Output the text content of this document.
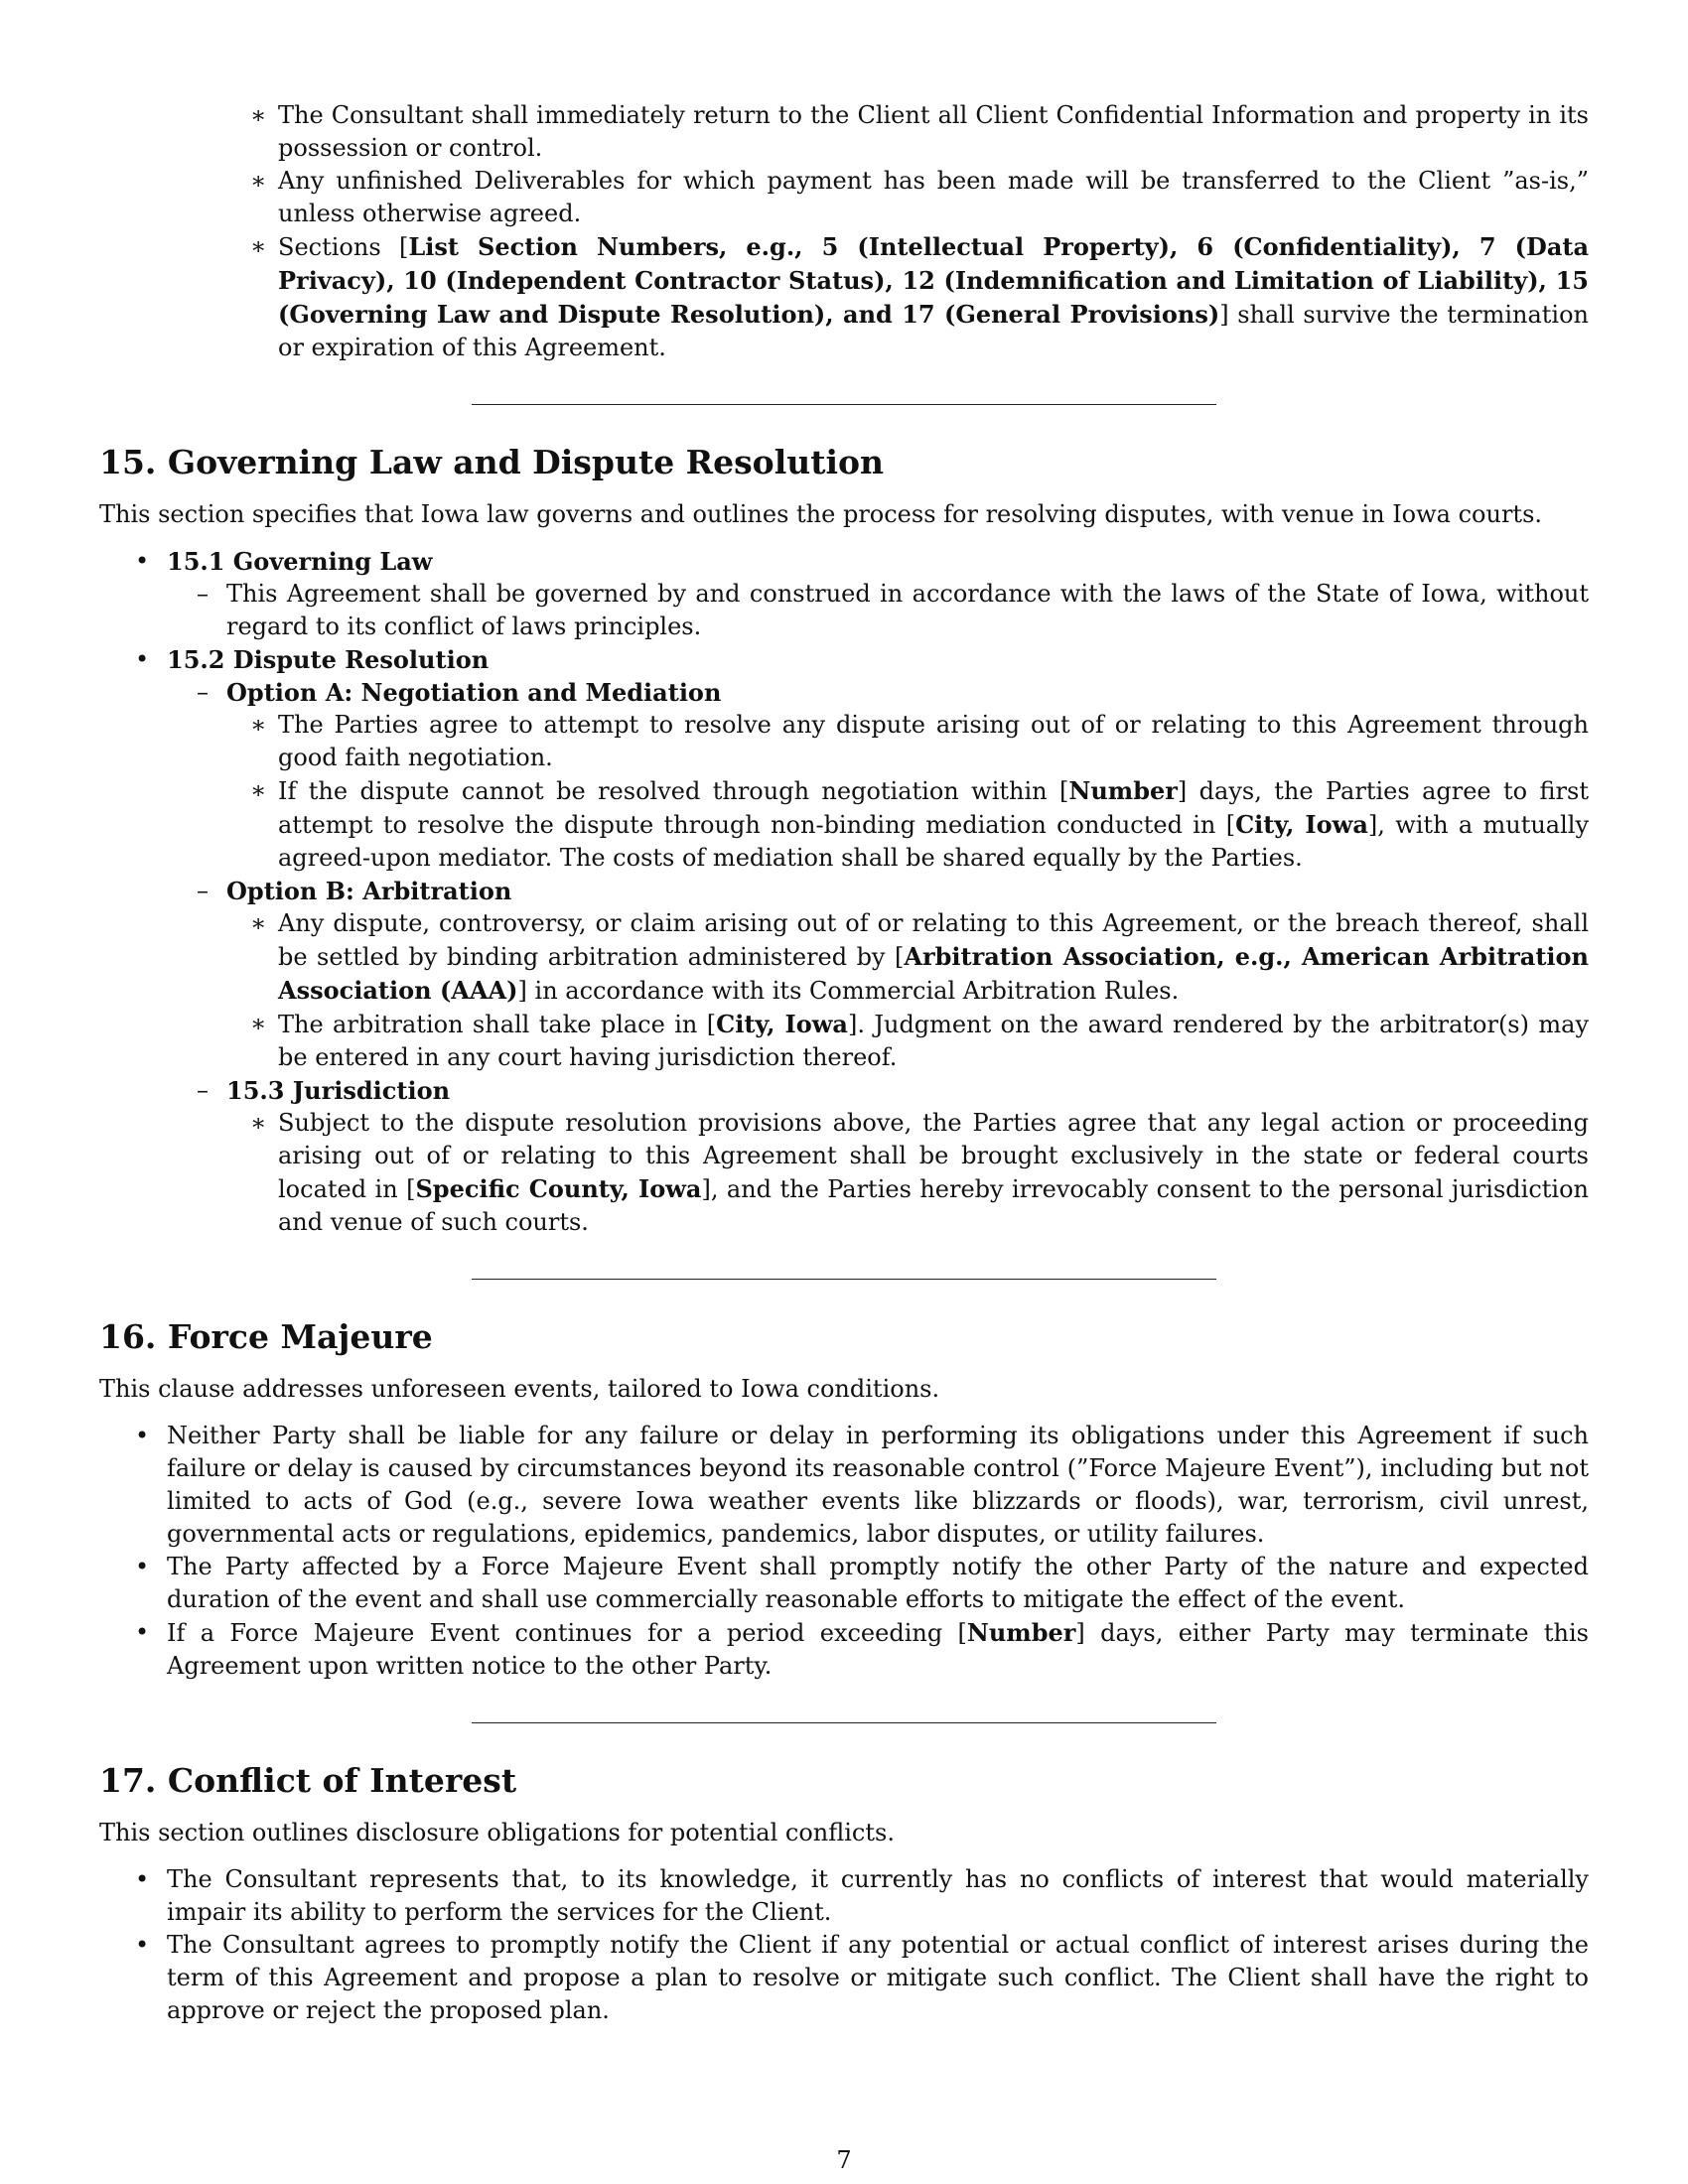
∗ The Consultant shall immediately return to the Client all Client Confidential Information and property in its possession or control.
∗ Any unfinished Deliverables for which payment has been made will be transferred to the Client ”as-is,” unless otherwise agreed.
∗ Sections [List Section Numbers, e.g., 5 (Intellectual Property), 6 (Confidentiality), 7 (Data Privacy), 10 (Independent Contractor Status), 12 (Indemnification and Limitation of Liability), 15 (Governing Law and Dispute Resolution), and 17 (General Provisions)] shall survive the termination or expiration of this Agreement.
15. Governing Law and Dispute Resolution

This section specifies that Iowa law governs and outlines the process for resolving disputes, with venue in Iowa courts.

• 15.1 Governing Law
– This Agreement shall be governed by and construed in accordance with the laws of the State of Iowa, without regard to its conflict of laws principles.
• 15.2 Dispute Resolution
– Option A: Negotiation and Mediation
∗ The Parties agree to attempt to resolve any dispute arising out of or relating to this Agreement through good faith negotiation.
∗ If the dispute cannot be resolved through negotiation within [Number] days, the Parties agree to first attempt to resolve the dispute through non-binding mediation conducted in [City, Iowa], with a mutually agreed-upon mediator. The costs of mediation shall be shared equally by the Parties.
– Option B: Arbitration
∗ Any dispute, controversy, or claim arising out of or relating to this Agreement, or the breach thereof, shall be settled by binding arbitration administered by [Arbitration Association, e.g., American Arbitration Association (AAA)] in accordance with its Commercial Arbitration Rules.
∗ The arbitration shall take place in [City, Iowa]. Judgment on the award rendered by the arbitrator(s) may be entered in any court having jurisdiction thereof.
– 15.3 Jurisdiction
∗ Subject to the dispute resolution provisions above, the Parties agree that any legal action or proceeding arising out of or relating to this Agreement shall be brought exclusively in the state or federal courts located in [Specific County, Iowa], and the Parties hereby irrevocably consent to the personal jurisdiction and venue of such courts.
16. Force Majeure

This clause addresses unforeseen events, tailored to Iowa conditions.

• Neither Party shall be liable for any failure or delay in performing its obligations under this Agreement if such failure or delay is caused by circumstances beyond its reasonable control (”Force Majeure Event”), including but not limited to acts of God (e.g., severe Iowa weather events like blizzards or floods), war, terrorism, civil unrest, governmental acts or regulations, epidemics, pandemics, labor disputes, or utility failures.
• The Party affected by a Force Majeure Event shall promptly notify the other Party of the nature and expected duration of the event and shall use commercially reasonable efforts to mitigate the effect of the event.
• If a Force Majeure Event continues for a period exceeding [Number] days, either Party may terminate this Agreement upon written notice to the other Party.
17. Conflict of Interest

This section outlines disclosure obligations for potential conflicts.

• The Consultant represents that, to its knowledge, it currently has no conflicts of interest that would materially impair its ability to perform the services for the Client.
• The Consultant agrees to promptly notify the Client if any potential or actual conflict of interest arises during the term of this Agreement and propose a plan to resolve or mitigate such conflict. The Client shall have the right to approve or reject the proposed plan.
7
